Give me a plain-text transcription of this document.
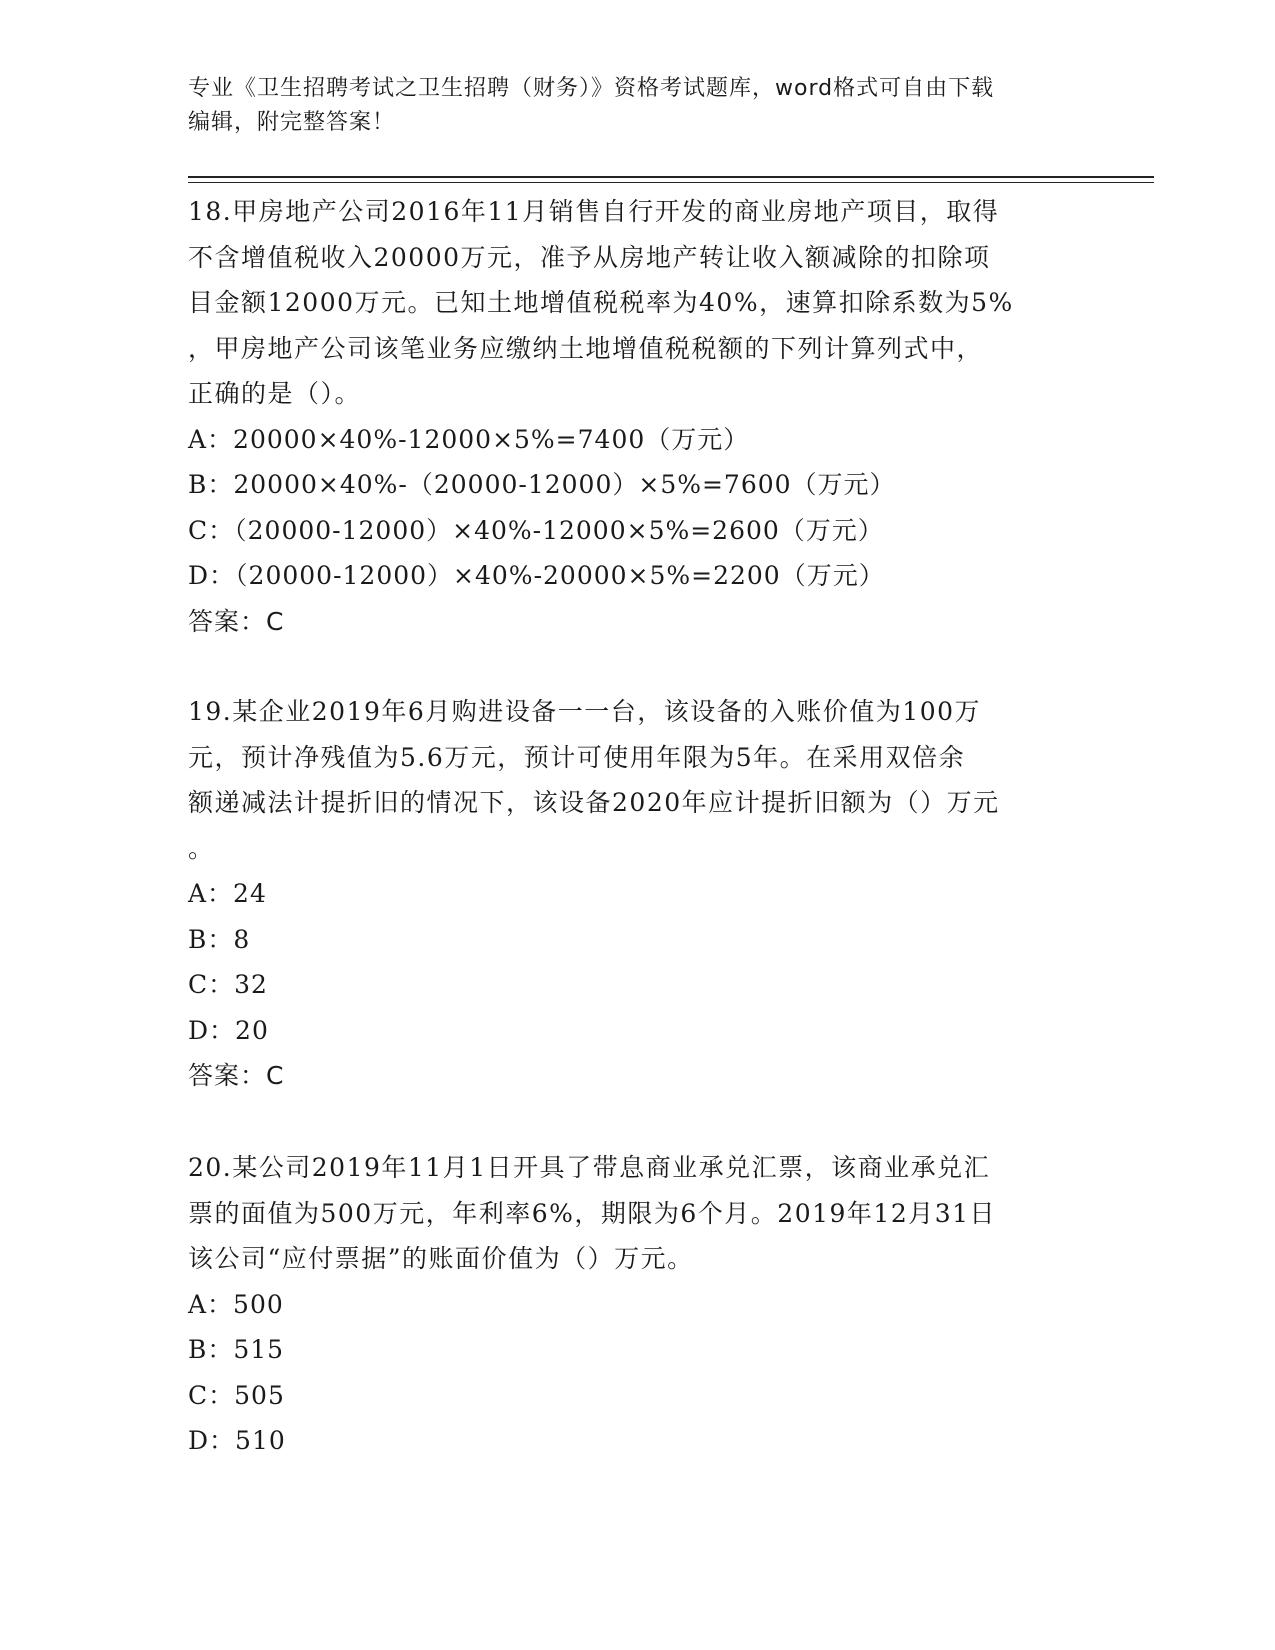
专业《卫生招聘考试之卫生招聘（财务）》资格考试题库，word格式可自由下载
编辑，附完整答案！
18.甲房地产公司2016年11月销售自行开发的商业房地产项目，取得
不含增值税收入20000万元，准予从房地产转让收入额减除的扣除项
目金额12000万元。已知土地增值税税率为40%，速算扣除系数为5%
，甲房地产公司该笔业务应缴纳土地增值税税额的下列计算列式中，
正确的是（）。
A：20000×40%-12000×5%=7400（万元）
B：20000×40%-（20000-12000）×5%=7600（万元）
C：（20000-12000）×40%-12000×5%=2600（万元）
D：（20000-12000）×40%-20000×5%=2200（万元）
答案：C
19.某企业2019年6月购进设备一一台，该设备的入账价值为100万
元，预计净残值为5.6万元，预计可使用年限为5年。在采用双倍余
额递减法计提折旧的情况下，该设备2020年应计提折旧额为（）万元
。
A：24
B：8
C：32
D：20
答案：C
20.某公司2019年11月1日开具了带息商业承兑汇票，该商业承兑汇
票的面值为500万元，年利率6%，期限为6个月。2019年12月31日
该公司“应付票据”的账面价值为（）万元。
A：500
B：515
C：505
D：510
